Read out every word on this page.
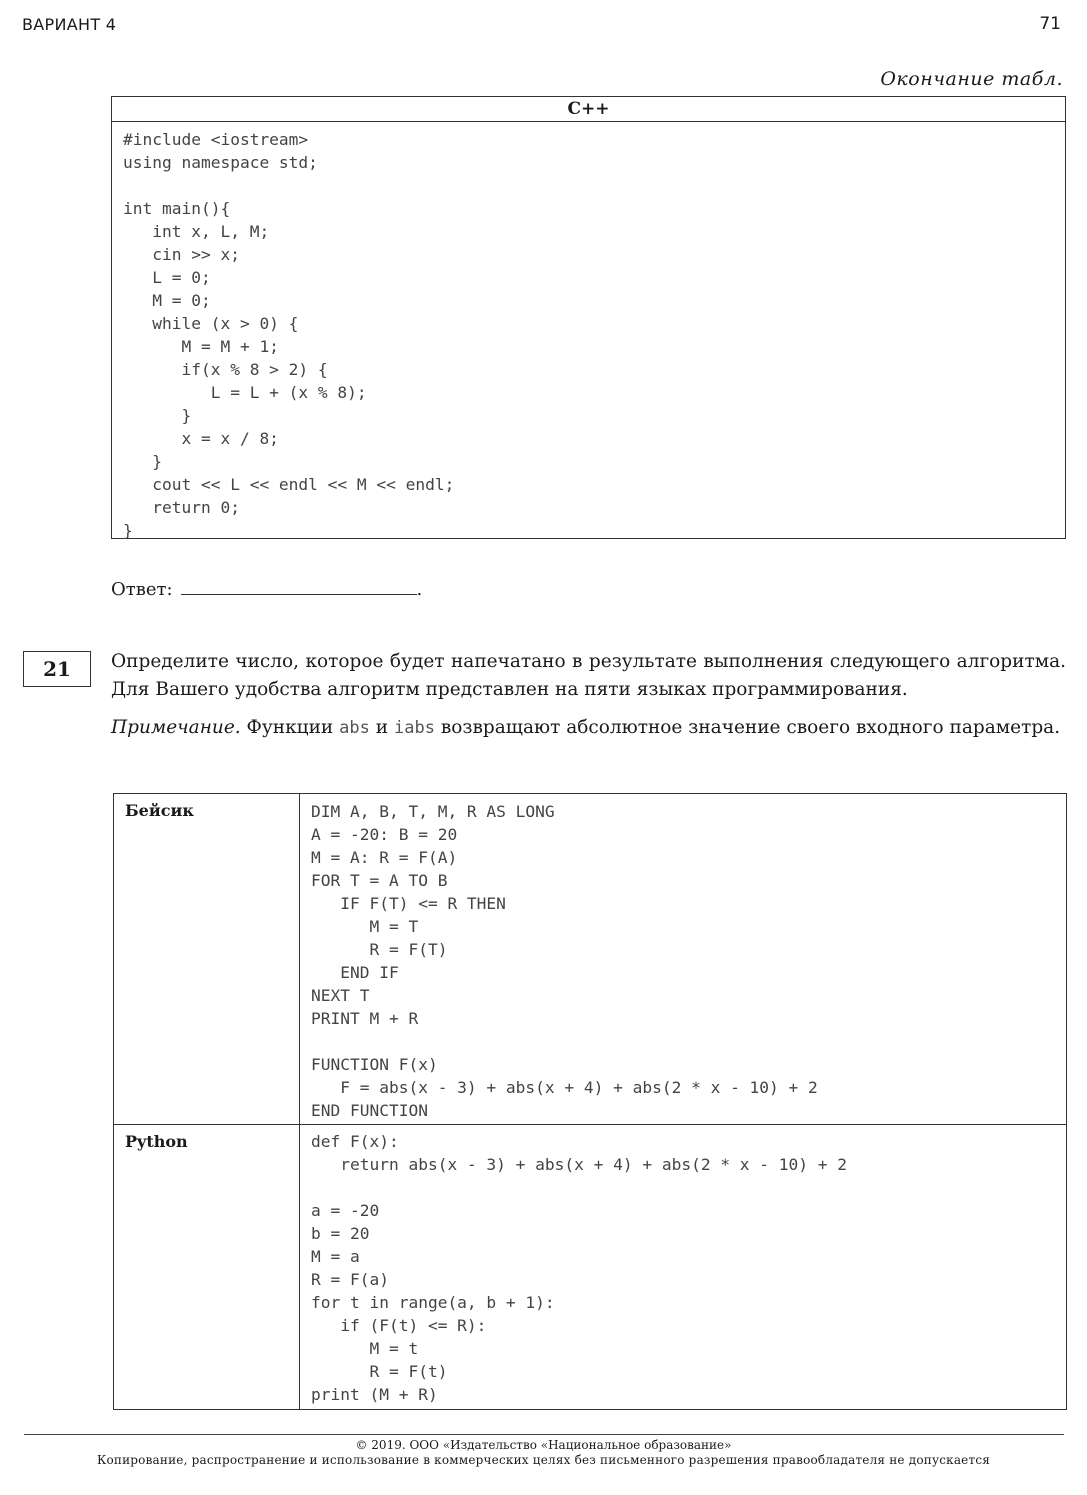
ВАРИАНТ 4	71
Окончание табл.
C++
#include <iostream>
using namespace std;

int main(){
int x, L, M;
cin >> x;
L = 0;
M = 0;
while (x > 0) {
M = M + 1;
if(x % 8 > 2) {
L = L + (x % 8);
}
x = x / 8;
}
cout << L << endl << M << endl;
return 0;
}
Ответ:	.
21	Определите число, которое будет напечатано в результате выполнения следующего алгоритма. Для Вашего удобства алгоритм представлен на пяти языках программирования.
Примечание. Функции abs и iabs возвращают абсолютное значение своего входного параметра.
Бейсик	DIM A, B, T, M, R AS LONG
A = -20: B = 20
M = A: R = F(A)
FOR T = A TO B
IF F(T) <= R THEN
M = T
R = F(T)
END IF
NEXT T
PRINT M + R

FUNCTION F(x)
F = abs(x - 3) + abs(x + 4) + abs(2 * x - 10) + 2
END FUNCTION
Python	def F(x):
return abs(x - 3) + abs(x + 4) + abs(2 * x - 10) + 2

a = -20
b = 20
M = a
R = F(a)
for t in range(a, b + 1):
if (F(t) <= R):
M = t
R = F(t)
print (M + R)
© 2019. ООО «Издательство «Национальное образование»
Копирование, распространение и использование в коммерческих целях без письменного разрешения правообладателя не допускается
